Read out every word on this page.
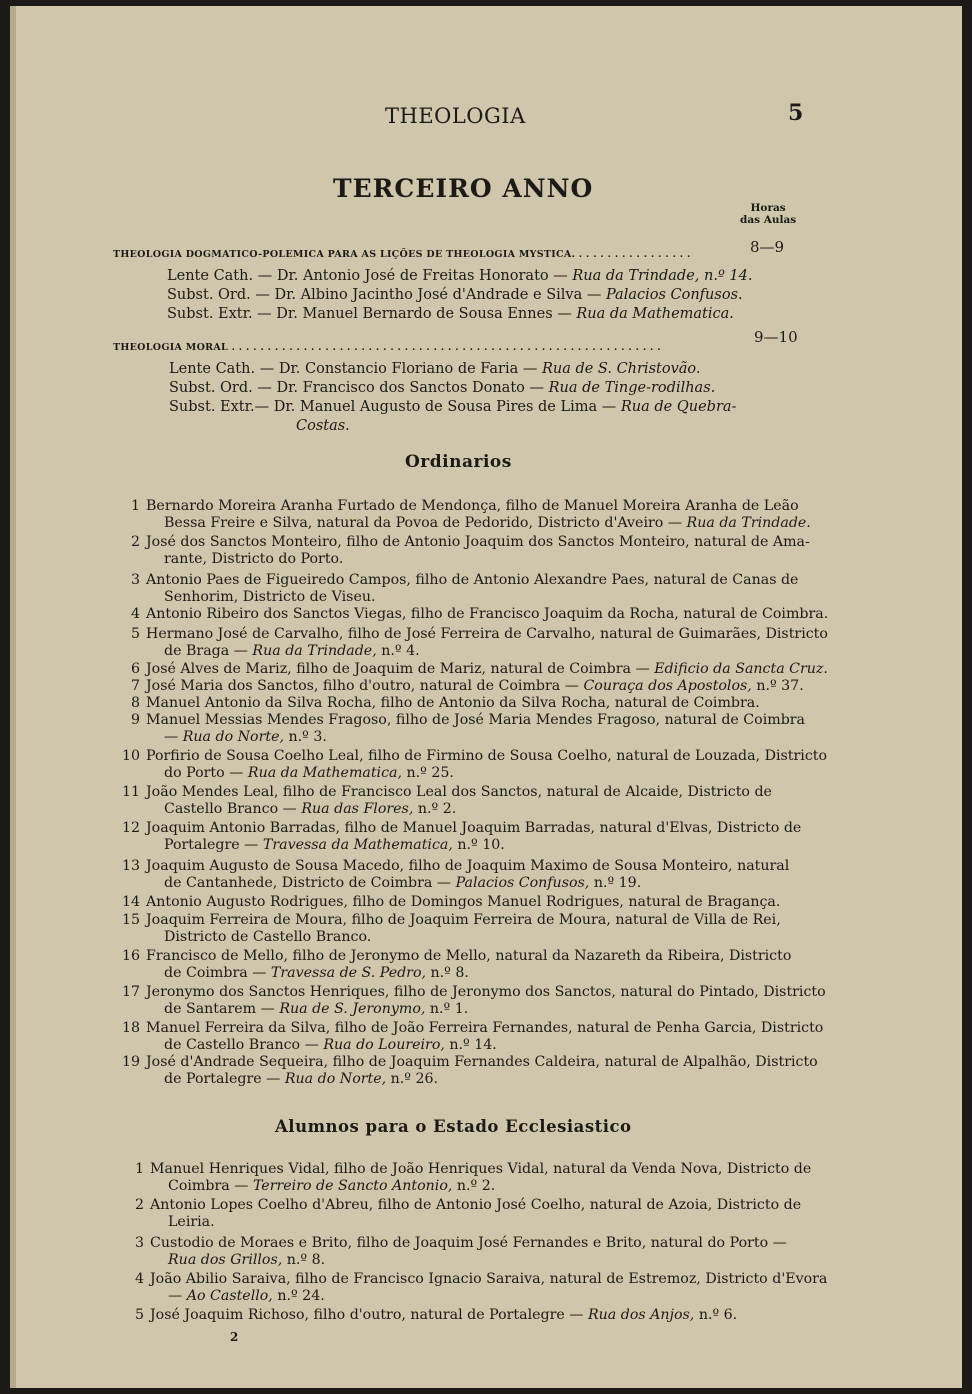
THEOLOGIA	5
TERCEIRO ANNO
Horas
das Aulas
THEOLOGIA DOGMATICO-POLEMICA PARA AS LIÇÕES DE THEOLOGIA MYSTICA. . . . . . . . . . . . . . . . .	8—9
Lente Cath. — Dr. Antonio José de Freitas Honorato — Rua da Trindade, n.º 14.
Subst. Ord. — Dr. Albino Jacintho José d'Andrade e Silva — Palacios Confusos.
Subst. Extr. — Dr. Manuel Bernardo de Sousa Ennes — Rua da Mathematica.
THEOLOGIA MORAL . . . . . . . . . . . . . . . . . . . . . . . . . . . . . . . . . . . . . . . . . . . . . . . . . . . . . . . . . . . .
9—10
Lente Cath. — Dr. Constancio Floriano de Faria — Rua de S. Christovão.
Subst. Ord. — Dr. Francisco dos Sanctos Donato — Rua de Tinge-rodilhas.
Subst. Extr.— Dr. Manuel Augusto de Sousa Pires de Lima — Rua de Quebra-
Costas.
Ordinarios
1 Bernardo Moreira Aranha Furtado de Mendonça, filho de Manuel Moreira Aranha de Leão
Bessa Freire e Silva, natural da Povoa de Pedorido, Districto d'Aveiro — Rua da Trindade.
2 José dos Sanctos Monteiro, filho de Antonio Joaquim dos Sanctos Monteiro, natural de Ama-
rante, Districto do Porto.
3 Antonio Paes de Figueiredo Campos, filho de Antonio Alexandre Paes, natural de Canas de
Senhorim, Districto de Viseu.
4 Antonio Ribeiro dos Sanctos Viegas, filho de Francisco Joaquim da Rocha, natural de Coimbra.
5 Hermano José de Carvalho, filho de José Ferreira de Carvalho, natural de Guimarães, Districto
de Braga — Rua da Trindade, n.º 4.
6 José Alves de Mariz, filho de Joaquim de Mariz, natural de Coimbra — Edificio da Sancta Cruz.
7 José Maria dos Sanctos, filho d'outro, natural de Coimbra — Couraça dos Apostolos, n.º 37.
8 Manuel Antonio da Silva Rocha, filho de Antonio da Silva Rocha, natural de Coimbra.
9 Manuel Messias Mendes Fragoso, filho de José Maria Mendes Fragoso, natural de Coimbra
— Rua do Norte, n.º 3.
10 Porfirio de Sousa Coelho Leal, filho de Firmino de Sousa Coelho, natural de Louzada, Districto
do Porto — Rua da Mathematica, n.º 25.
11 João Mendes Leal, filho de Francisco Leal dos Sanctos, natural de Alcaide, Districto de
Castello Branco — Rua das Flores, n.º 2.
12 Joaquim Antonio Barradas, filho de Manuel Joaquim Barradas, natural d'Elvas, Districto de
Portalegre — Travessa da Mathematica, n.º 10.
13 Joaquim Augusto de Sousa Macedo, filho de Joaquim Maximo de Sousa Monteiro, natural
de Cantanhede, Districto de Coimbra — Palacios Confusos, n.º 19.
14 Antonio Augusto Rodrigues, filho de Domingos Manuel Rodrigues, natural de Bragança.
15 Joaquim Ferreira de Moura, filho de Joaquim Ferreira de Moura, natural de Villa de Rei,
Districto de Castello Branco.
16 Francisco de Mello, filho de Jeronymo de Mello, natural da Nazareth da Ribeira, Districto
de Coimbra — Travessa de S. Pedro, n.º 8.
17 Jeronymo dos Sanctos Henriques, filho de Jeronymo dos Sanctos, natural do Pintado, Districto
de Santarem — Rua de S. Jeronymo, n.º 1.
18 Manuel Ferreira da Silva, filho de João Ferreira Fernandes, natural de Penha Garcia, Districto
de Castello Branco — Rua do Loureiro, n.º 14.
19 José d'Andrade Sequeira, filho de Joaquim Fernandes Caldeira, natural de Alpalhão, Districto
de Portalegre — Rua do Norte, n.º 26.
Alumnos para o Estado Ecclesiastico
1 Manuel Henriques Vidal, filho de João Henriques Vidal, natural da Venda Nova, Districto de
Coimbra — Terreiro de Sancto Antonio, n.º 2.
2 Antonio Lopes Coelho d'Abreu, filho de Antonio José Coelho, natural de Azoia, Districto de
Leiria.
3 Custodio de Moraes e Brito, filho de Joaquim José Fernandes e Brito, natural do Porto —
Rua dos Grillos, n.º 8.
4 João Abilio Saraiva, filho de Francisco Ignacio Saraiva, natural de Estremoz, Districto d'Evora
— Ao Castello, n.º 24.
5 José Joaquim Richoso, filho d'outro, natural de Portalegre — Rua dos Anjos, n.º 6.
2
